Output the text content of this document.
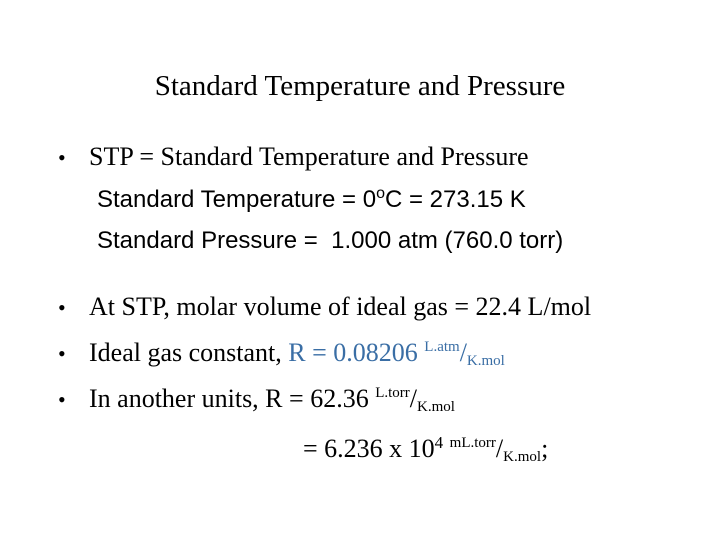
Standard Temperature and Pressure
• STP = Standard Temperature and Pressure
Standard Temperature = $0^oC = 273.15$ K
Standard Pressure =  1.000 atm (760.0 torr)
• At STP, molar volume of ideal gas = 22.4 L/mol
• Ideal gas constant, R = 0.08206 $^{L.atm}/_{K.mol}$
• In another units, R = 62.36 $^{L.torr}/_{K.mol}$
= 6.236 x $10^4$ $^{mL.torr}/_{K.mol}$;
